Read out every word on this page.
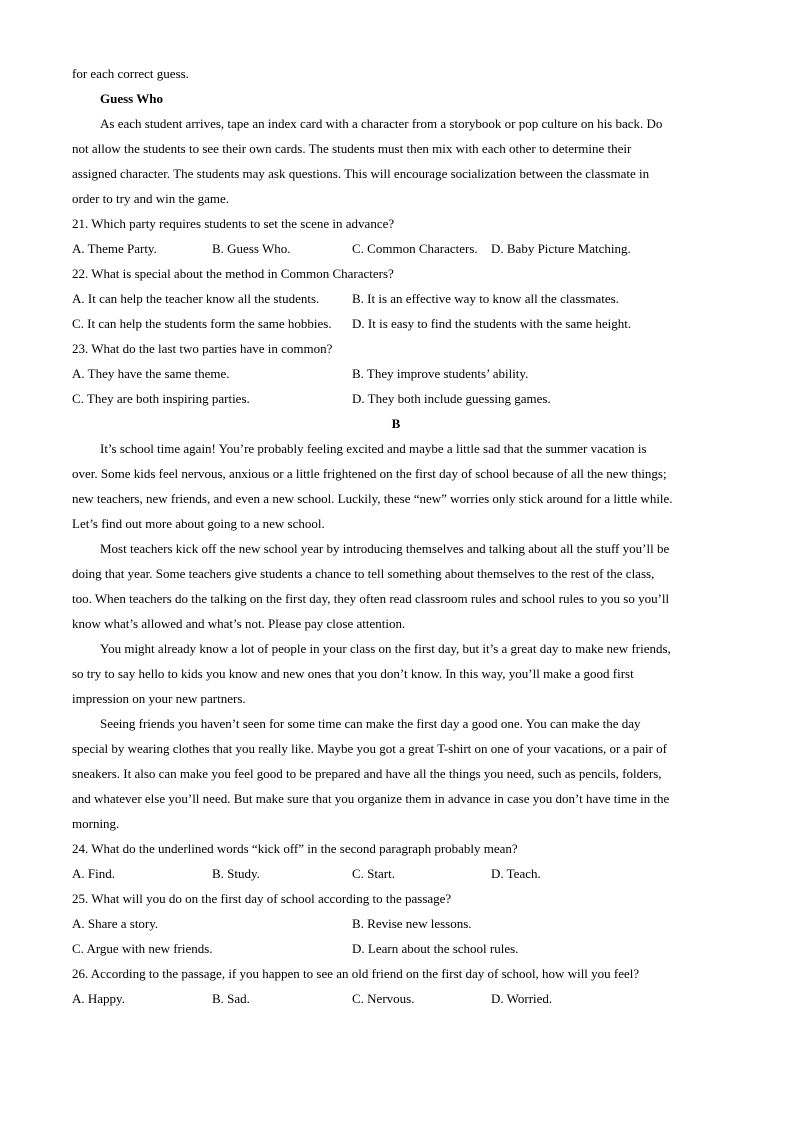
for each correct guess.
Guess Who
As each student arrives, tape an index card with a character from a storybook or pop culture on his back. Do
not allow the students to see their own cards. The students must then mix with each other to determine their
assigned character. The students may ask questions. This will encourage socialization between the classmate in
order to try and win the game.
21. Which party requires students to set the scene in advance?
A. Theme Party.	B. Guess Who.	C. Common Characters. D. Baby Picture Matching.
22. What is special about the method in Common Characters?
A. It can help the teacher know all the students.	B. It is an effective way to know all the classmates.
C. It can help the students form the same hobbies. D. It is easy to find the students with the same height.
23. What do the last two parties have in common?
A. They have the same theme.	B. They improve students’ ability.
C. They are both inspiring parties.	D. They both include guessing games.
B
It’s school time again! You’re probably feeling excited and maybe a little sad that the summer vacation is
over. Some kids feel nervous, anxious or a little frightened on the first day of school because of all the new things;
new teachers, new friends, and even a new school. Luckily, these “new” worries only stick around for a little while.
Let’s find out more about going to a new school.
Most teachers kick off the new school year by introducing themselves and talking about all the stuff you’ll be
doing that year. Some teachers give students a chance to tell something about themselves to the rest of the class,
too. When teachers do the talking on the first day, they often read classroom rules and school rules to you so you’ll
know what’s allowed and what’s not. Please pay close attention.
You might already know a lot of people in your class on the first day, but it’s a great day to make new friends,
so try to say hello to kids you know and new ones that you don’t know. In this way, you’ll make a good first
impression on your new partners.
Seeing friends you haven’t seen for some time can make the first day a good one. You can make the day
special by wearing clothes that you really like. Maybe you got a great T-shirt on one of your vacations, or a pair of
sneakers. It also can make you feel good to be prepared and have all the things you need, such as pencils, folders,
and whatever else you’ll need. But make sure that you organize them in advance in case you don’t have time in the
morning.
24. What do the underlined words “kick off” in the second paragraph probably mean?
A. Find.	B. Study.	C. Start.	D. Teach.
25. What will you do on the first day of school according to the passage?
A. Share a story.	B. Revise new lessons.
C. Argue with new friends.	D. Learn about the school rules.
26. According to the passage, if you happen to see an old friend on the first day of school, how will you feel?
A. Happy.	B. Sad.	C. Nervous.	D. Worried.
